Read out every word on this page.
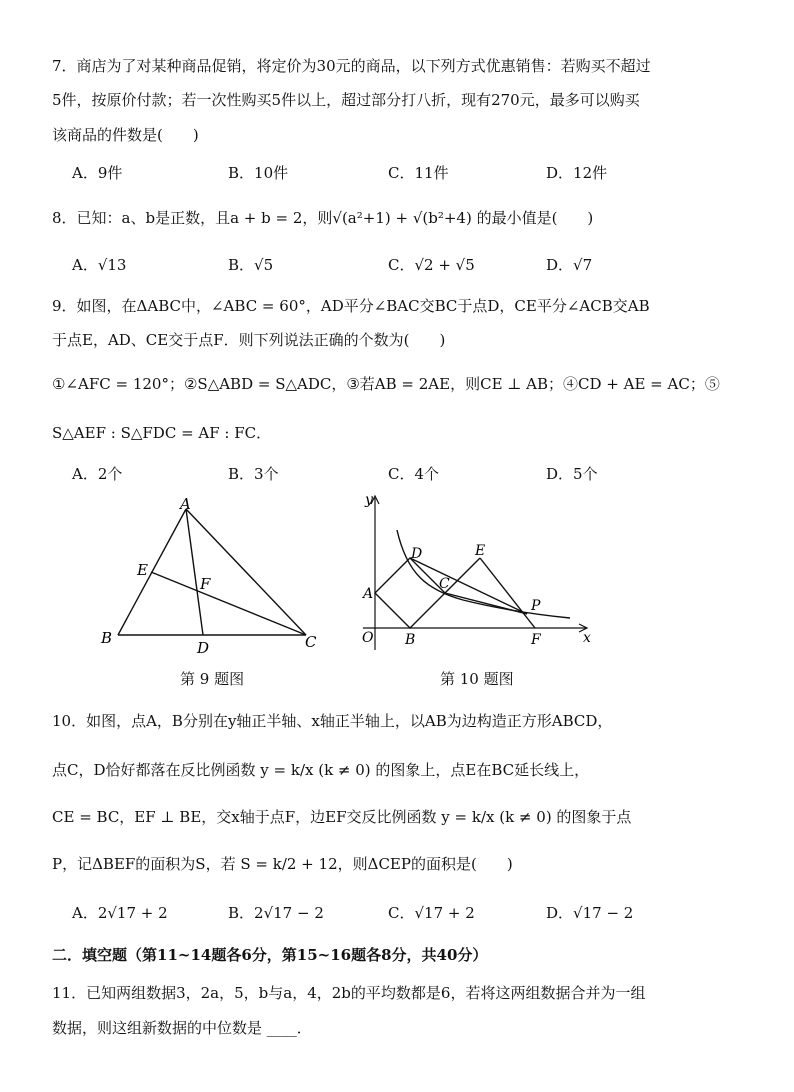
7．商店为了对某种商品促销，将定价为30元的商品，以下列方式优惠销售：若购买不超过
5件，按原价付款；若一次性购买5件以上，超过部分打八折，现有270元，最多可以购买
该商品的件数是(　　)
A．9件	B．10件	C．11件	D．12件
8．已知：a、b是正数，且a + b = 2，则√(a²+1) + √(b²+4) 的最小值是(　　)
A．√13	B．√5	C．√2 + √5	D．√7
9．如图，在ΔABC中，∠ABC = 60°，AD平分∠BAC交BC于点D，CE平分∠ACB交AB
于点E，AD、CE交于点F．则下列说法正确的个数为(　　)
①∠AFC = 120°；②S△ABD = S△ADC，③若AB = 2AE，则CE ⊥ AB；④CD + AE = AC；⑤
S△AEF : S△FDC = AF : FC．
A．2个	B．3个	C．4个	D．5个
A
E
F
B
D	C
第 9 题图
y
x
O
A
B
C
D	E
F
P
第 10 题图
10．如图，点A，B分别在y轴正半轴、x轴正半轴上，以AB为边构造正方形ABCD，
点C，D恰好都落在反比例函数 y = k/x (k ≠ 0) 的图象上，点E在BC延长线上，
CE = BC，EF ⊥ BE，交x轴于点F，边EF交反比例函数 y = k/x (k ≠ 0) 的图象于点
P，记ΔBEF的面积为S，若 S = k/2 + 12，则ΔCEP的面积是(　　)
A．2√17 + 2	B．2√17 − 2	C．√17 + 2	D．√17 − 2
二．填空题（第11~14题各6分，第15~16题各8分，共40分）
11．已知两组数据3，2a，5，b与a，4，2b的平均数都是6，若将这两组数据合并为一组
数据，则这组新数据的中位数是 ____．
